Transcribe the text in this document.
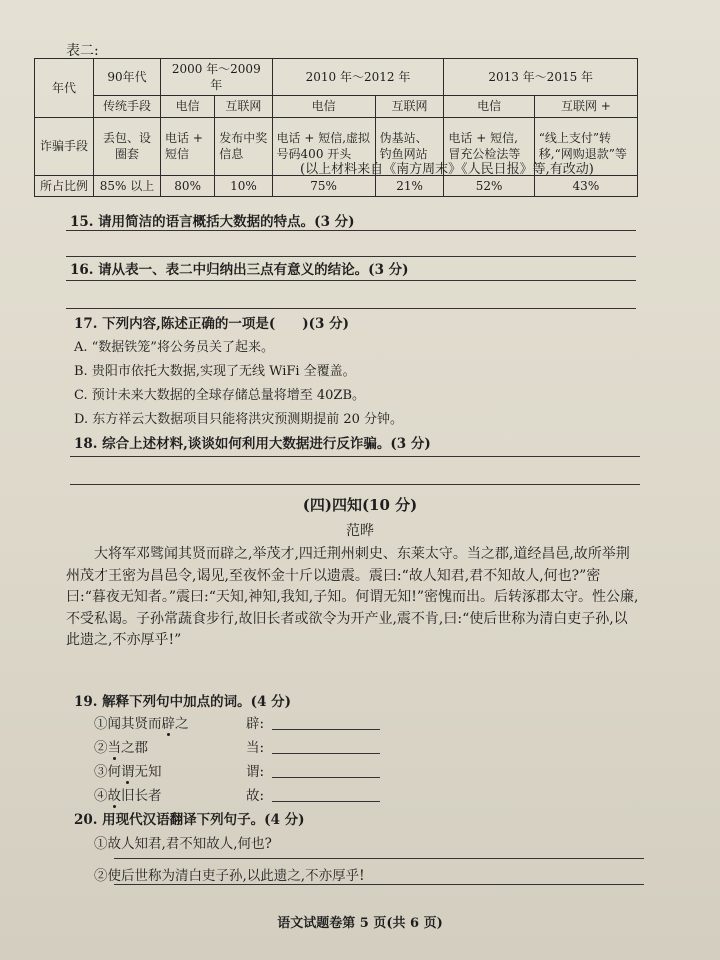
表二:
年代	90年代	2000 年～2009 年		2010 年～2012 年		2013 年～2015 年	
	传统手段	电信	互联网	电信	互联网	电信	互联网 +
诈骗手段	丢包、设圈套	电话 + 短信	发布中奖信息	电话 + 短信,虚拟号码400 开头	伪基站、钓鱼网站	电话 + 短信,冒充公检法等	“线上支付”转移,“网购退款”等
所占比例	85% 以上	80%	10%	75%	21%	52%	43%
(以上材料来自《南方周末》《人民日报》等,有改动)
15. 请用简洁的语言概括大数据的特点。(3 分)
16. 请从表一、表二中归纳出三点有意义的结论。(3 分)
17. 下列内容,陈述正确的一项是(　　)(3 分)
A. “数据铁笼”将公务员关了起来。
B. 贵阳市依托大数据,实现了无线 WiFi 全覆盖。
C. 预计未来大数据的全球存储总量将增至 40ZB。
D. 东方祥云大数据项目只能将洪灾预测期提前 20 分钟。
18. 综合上述材料,谈谈如何利用大数据进行反诈骗。(3 分)
(四)四知(10 分)
范晔

大将军邓骘闻其贤而辟之,举茂才,四迁荆州刺史、东莱太守。当之郡,道经昌邑,故所举荆州茂才王密为昌邑令,谒见,至夜怀金十斤以遗震。震曰:“故人知君,君不知故人,何也?”密曰:“暮夜无知者。”震曰:“天知,神知,我知,子知。何谓无知!”密愧而出。后转涿郡太守。性公廉,不受私谒。子孙常蔬食步行,故旧长者或欲令为开产业,震不肯,曰:“使后世称为清白吏子孙,以此遗之,不亦厚乎!”

19. 解释下列句中加点的词。(4 分)
①闻其贤而辟之	辟:
②当之郡	当:
③何谓无知	谓:
④故旧长者	故:
20. 用现代汉语翻译下列句子。(4 分)
①故人知君,君不知故人,何也?
②使后世称为清白吏子孙,以此遗之,不亦厚乎!
语文试题卷第 5 页(共 6 页)
